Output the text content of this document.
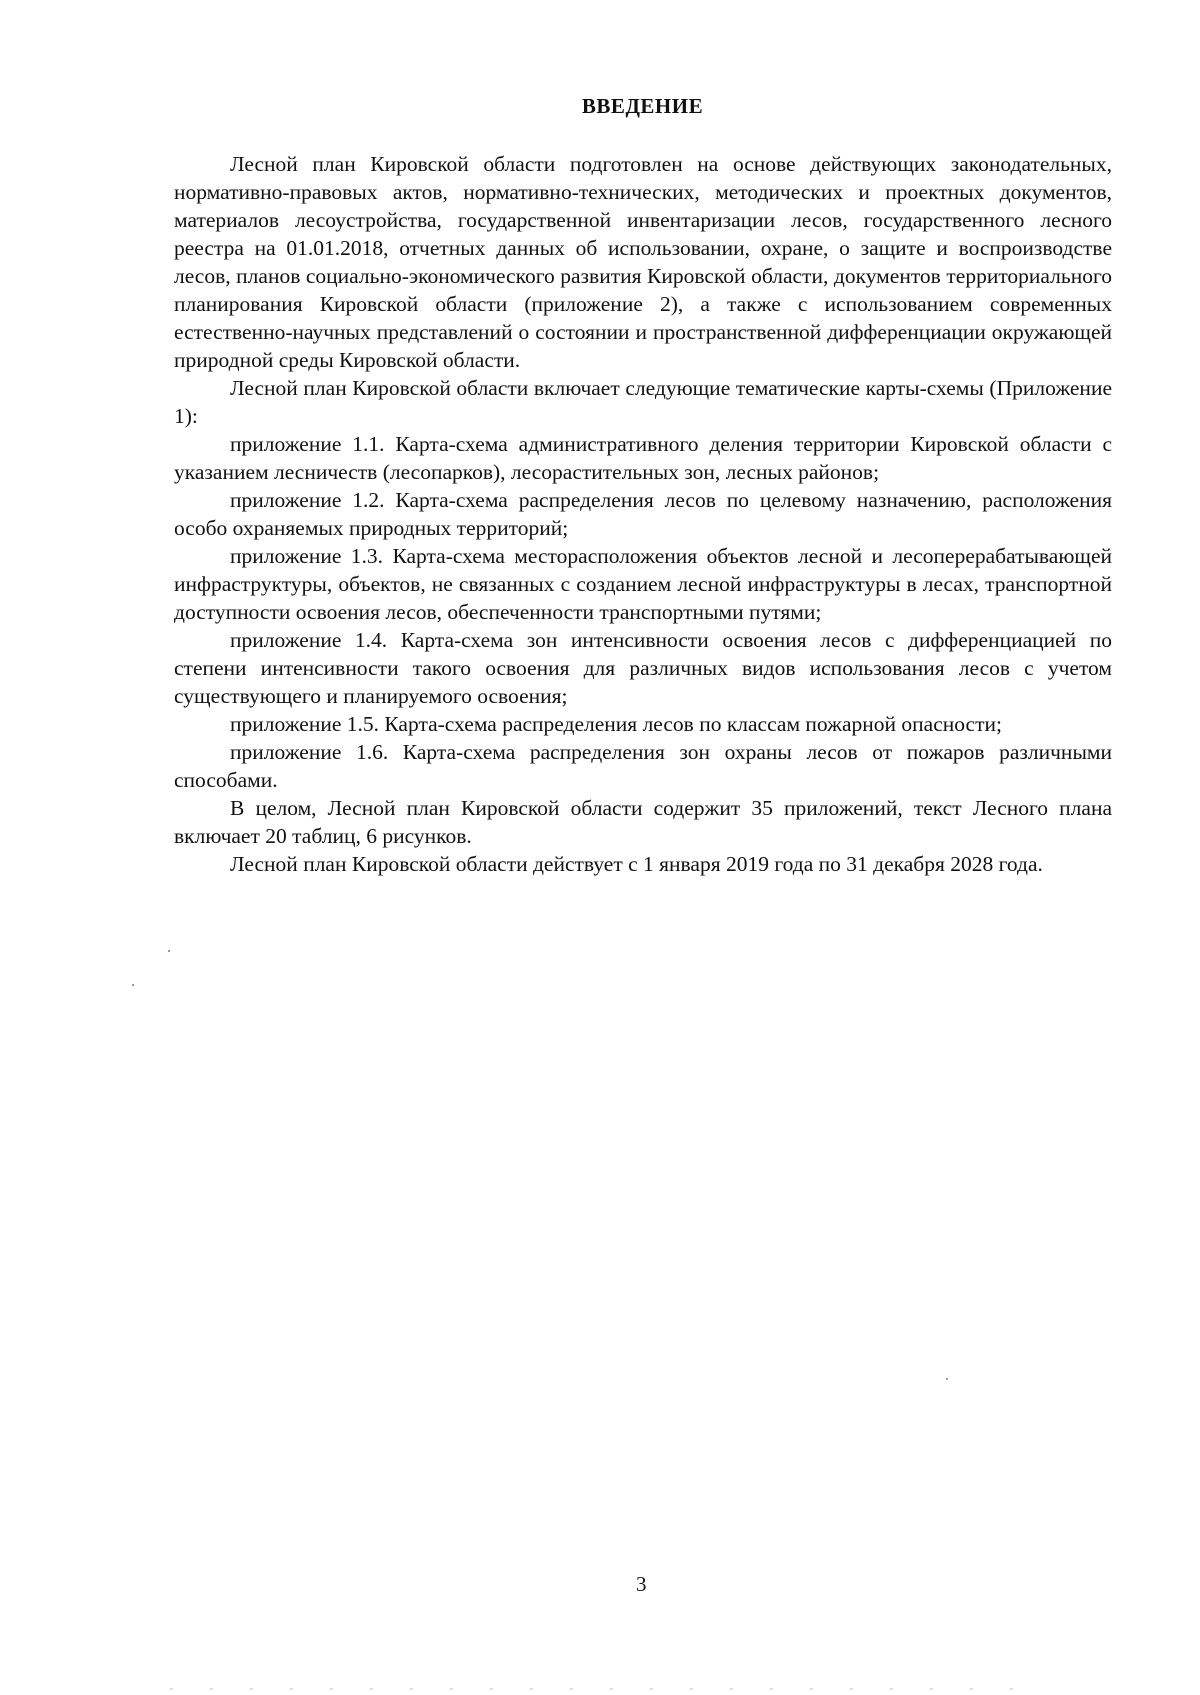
ВВЕДЕНИЕ

Лесной план Кировской области подготовлен на основе действующих законодательных, нормативно-правовых актов, нормативно-технических, методических и проектных документов, материалов лесоустройства, государственной инвентаризации лесов, государственного лесного реестра на 01.01.2018, отчетных данных об использовании, охране, о защите и воспроизводстве лесов, планов социально-экономического развития Кировской области, документов территориального планирования Кировской области (приложение 2), а также с использованием современных естественно-научных представлений о состоянии и пространственной дифференциации окружающей природной среды Кировской области.

Лесной план Кировской области включает следующие тематические карты-схемы (Приложение 1):

приложение 1.1. Карта-схема административного деления территории Кировской области с указанием лесничеств (лесопарков), лесорастительных зон, лесных районов;

приложение 1.2. Карта-схема распределения лесов по целевому назначению, расположения особо охраняемых природных территорий;

приложение 1.3. Карта-схема месторасположения объектов лесной и лесоперерабатывающей инфраструктуры, объектов, не связанных с созданием лесной инфраструктуры в лесах, транспортной доступности освоения лесов, обеспеченности транспортными путями;

приложение 1.4. Карта-схема зон интенсивности освоения лесов с дифференциацией по степени интенсивности такого освоения для различных видов использования лесов с учетом существующего и планируемого освоения;

приложение 1.5. Карта-схема распределения лесов по классам пожарной опасности;

приложение 1.6. Карта-схема распределения зон охраны лесов от пожаров различными способами.

В целом, Лесной план Кировской области содержит 35 приложений, текст Лесного плана включает 20 таблиц, 6 рисунков.

Лесной план Кировской области действует с 1 января 2019 года по 31 декабря 2028 года.

3
